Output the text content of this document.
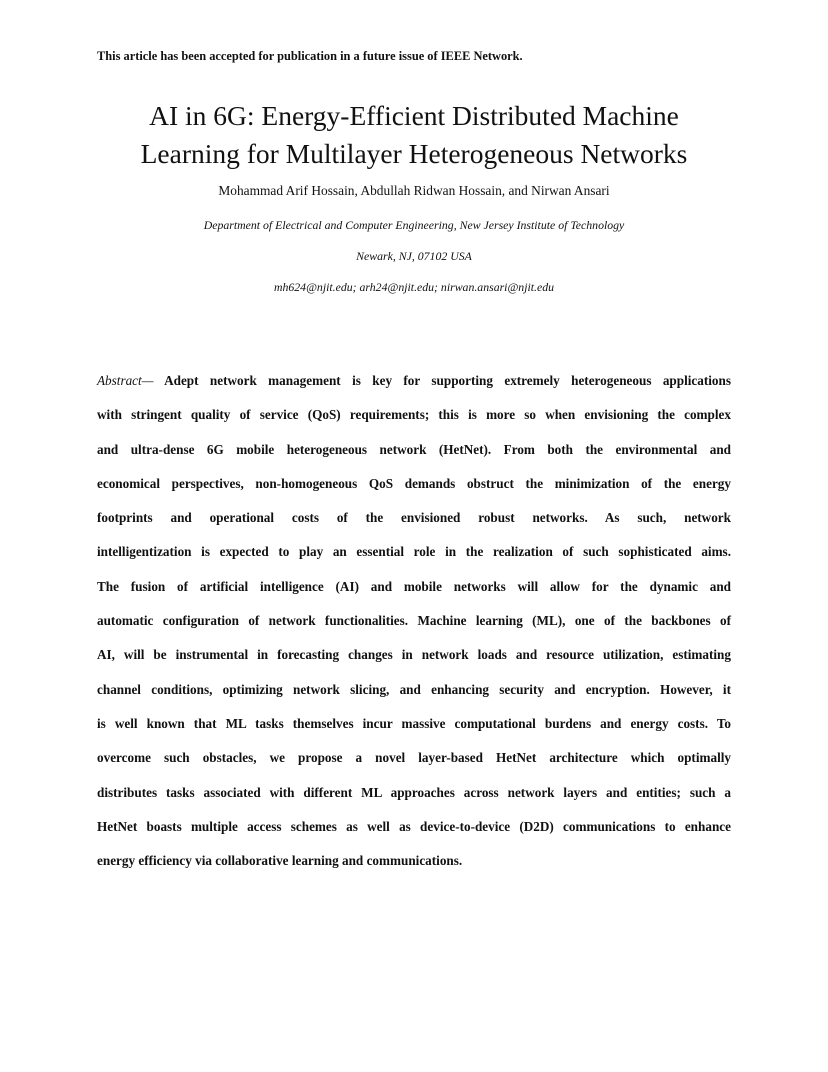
This article has been accepted for publication in a future issue of IEEE Network.
AI in 6G: Energy-Efficient Distributed Machine
Learning for Multilayer Heterogeneous Networks
Mohammad Arif Hossain, Abdullah Ridwan Hossain, and Nirwan Ansari
Department of Electrical and Computer Engineering, New Jersey Institute of Technology
Newark, NJ, 07102 USA
mh624@njit.edu; arh24@njit.edu; nirwan.ansari@njit.edu
Abstract— Adept network management is key for supporting extremely heterogeneous applications
with stringent quality of service (QoS) requirements; this is more so when envisioning the complex
and ultra-dense 6G mobile heterogeneous network (HetNet). From both the environmental and
economical perspectives, non-homogeneous QoS demands obstruct the minimization of the energy
footprints and operational costs of the envisioned robust networks. As such, network
intelligentization is expected to play an essential role in the realization of such sophisticated aims.
The fusion of artificial intelligence (AI) and mobile networks will allow for the dynamic and
automatic configuration of network functionalities. Machine learning (ML), one of the backbones of
AI, will be instrumental in forecasting changes in network loads and resource utilization, estimating
channel conditions, optimizing network slicing, and enhancing security and encryption. However, it
is well known that ML tasks themselves incur massive computational burdens and energy costs. To
overcome such obstacles, we propose a novel layer-based HetNet architecture which optimally
distributes tasks associated with different ML approaches across network layers and entities; such a
HetNet boasts multiple access schemes as well as device-to-device (D2D) communications to enhance
energy efficiency via collaborative learning and communications.
